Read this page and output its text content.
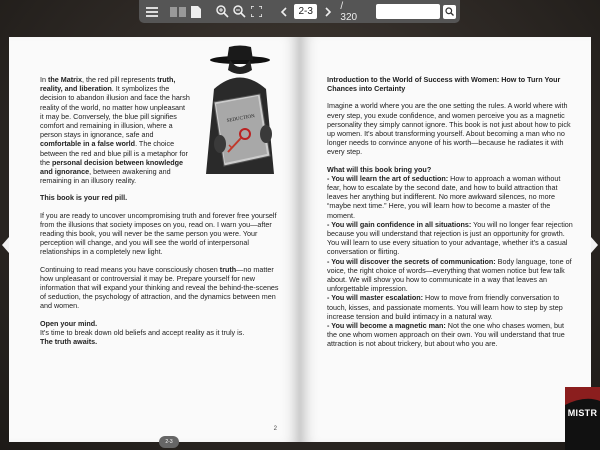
2-3	/ 320
SEDUCTION

In the Matrix, the red pill represents truth, reality, and liberation. It symbolizes the decision to abandon illusion and face the harsh reality of the world, no matter how unpleasant it may be. Conversely, the blue pill signifies comfort and remaining in illusion, where a person stays in ignorance, safe and comfortable in a false world. The choice between the red and blue pill is a metaphor for the personal decision between knowledge and ignorance, between awakening and remaining in an illusory reality.

This book is your red pill.

If you are ready to uncover uncompromising truth and forever free yourself from the illusions that society imposes on you, read on. I warn you—after reading this book, you will never be the same person you were. Your perception will change, and you will see the world of interpersonal relationships in a completely new light.

Continuing to read means you have consciously chosen truth—no matter how unpleasant or controversial it may be. Prepare yourself for new information that will expand your thinking and reveal the behind-the-scenes of seduction, the psychology of attraction, and the dynamics between men and women.

Open your mind.
It's time to break down old beliefs and accept reality as it truly is.
The truth awaits.

2

Introduction to the World of Success with Women: How to Turn Your Chances into Certainty

Imagine a world where you are the one setting the rules. A world where with every step, you exude confidence, and women perceive you as a magnetic personality they simply cannot ignore. This book is not just about how to pick up women. It's about transforming yourself. About becoming a man who no longer needs to convince anyone of his worth—because he radiates it with every step.

What will this book bring you?
- You will learn the art of seduction: How to approach a woman without fear, how to escalate by the second date, and how to build attraction that leaves her anything but indifferent. No more awkward silences, no more “maybe next time.” Here, you will learn how to become a master of the moment.
- You will gain confidence in all situations: You will no longer fear rejection because you will understand that rejection is just an opportunity for growth. You will learn to use every situation to your advantage, whether it's a casual conversation or flirting.
- You will discover the secrets of communication: Body language, tone of voice, the right choice of words—everything that women notice but few talk about. We will show you how to communicate in a way that leaves an unforgettable impression.
- You will master escalation: How to move from friendly conversation to touch, kisses, and passionate moments. You will learn how to step by step increase tension and build intimacy in a natural way.
- You will become a magnetic man: Not the one who chases women, but the one whom women approach on their own. You will understand that true attraction is not about trickery, but about who you are.
2-3
MISTR
